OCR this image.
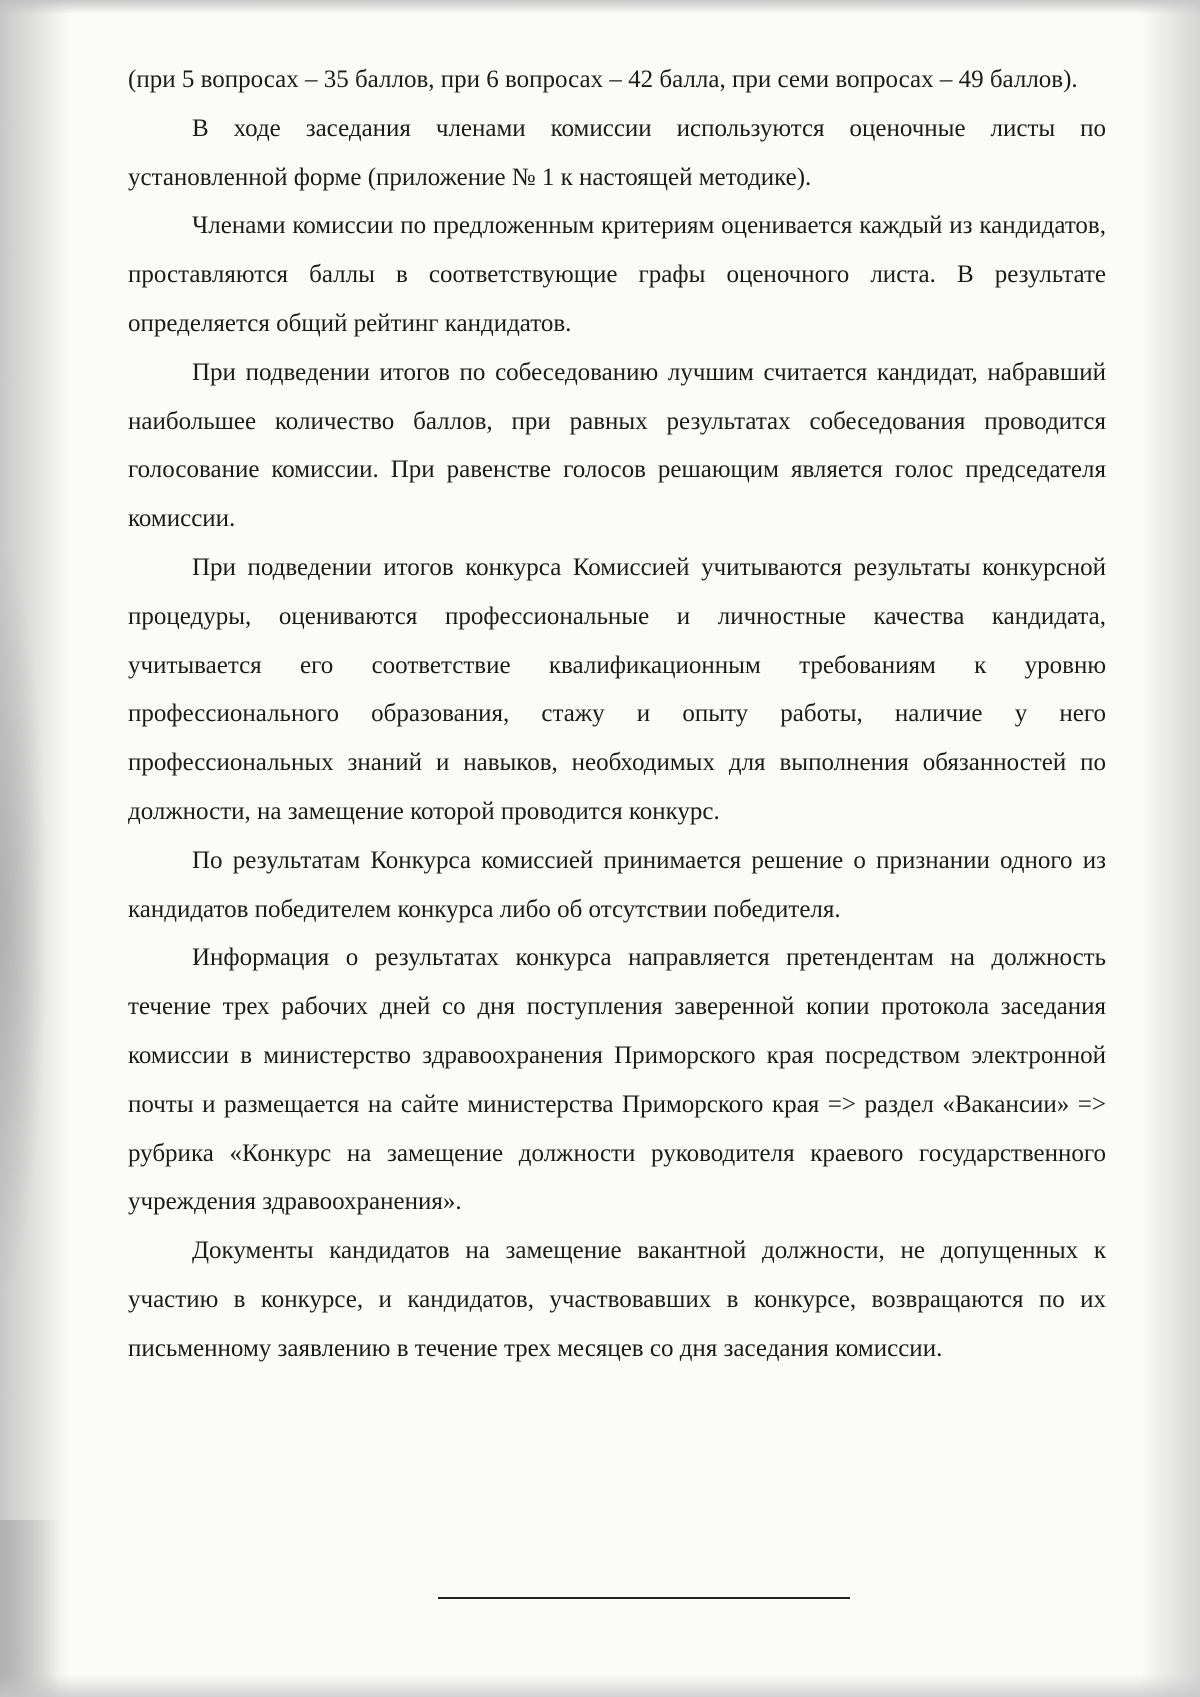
(при 5 вопросах – 35 баллов, при 6 вопросах – 42 балла, при семи вопросах – 49 баллов).

В ходе заседания членами комиссии используются оценочные листы по установленной форме (приложение № 1 к настоящей методике).

Членами комиссии по предложенным критериям оценивается каждый из кандидатов, проставляются баллы в соответствующие графы оценочного листа. В результате определяется общий рейтинг кандидатов.

При подведении итогов по собеседованию лучшим считается кандидат, набравший наибольшее количество баллов, при равных результатах собеседования проводится голосование комиссии. При равенстве голосов решающим является голос председателя комиссии.

При подведении итогов конкурса Комиссией учитываются результаты конкурсной процедуры, оцениваются профессиональные и личностные качества кандидата, учитывается его соответствие квалификационным требованиям к уровню профессионального образования, стажу и опыту работы, наличие у него профессиональных знаний и навыков, необходимых для выполнения обязанностей по должности, на замещение которой проводится конкурс.

По результатам Конкурса комиссией принимается решение о признании одного из кандидатов победителем конкурса либо об отсутствии победителя.

Информация о результатах конкурса направляется претендентам на должность течение трех рабочих дней со дня поступления заверенной копии протокола заседания комиссии в министерство здравоохранения Приморского края посредством электронной почты и размещается на сайте министерства Приморского края => раздел «Вакансии» => рубрика «Конкурс на замещение должности руководителя краевого государственного учреждения здравоохранения».

Документы кандидатов на замещение вакантной должности, не допущенных к участию в конкурсе, и кандидатов, участвовавших в конкурсе, возвращаются по их письменному заявлению в течение трех месяцев со дня заседания комиссии.
